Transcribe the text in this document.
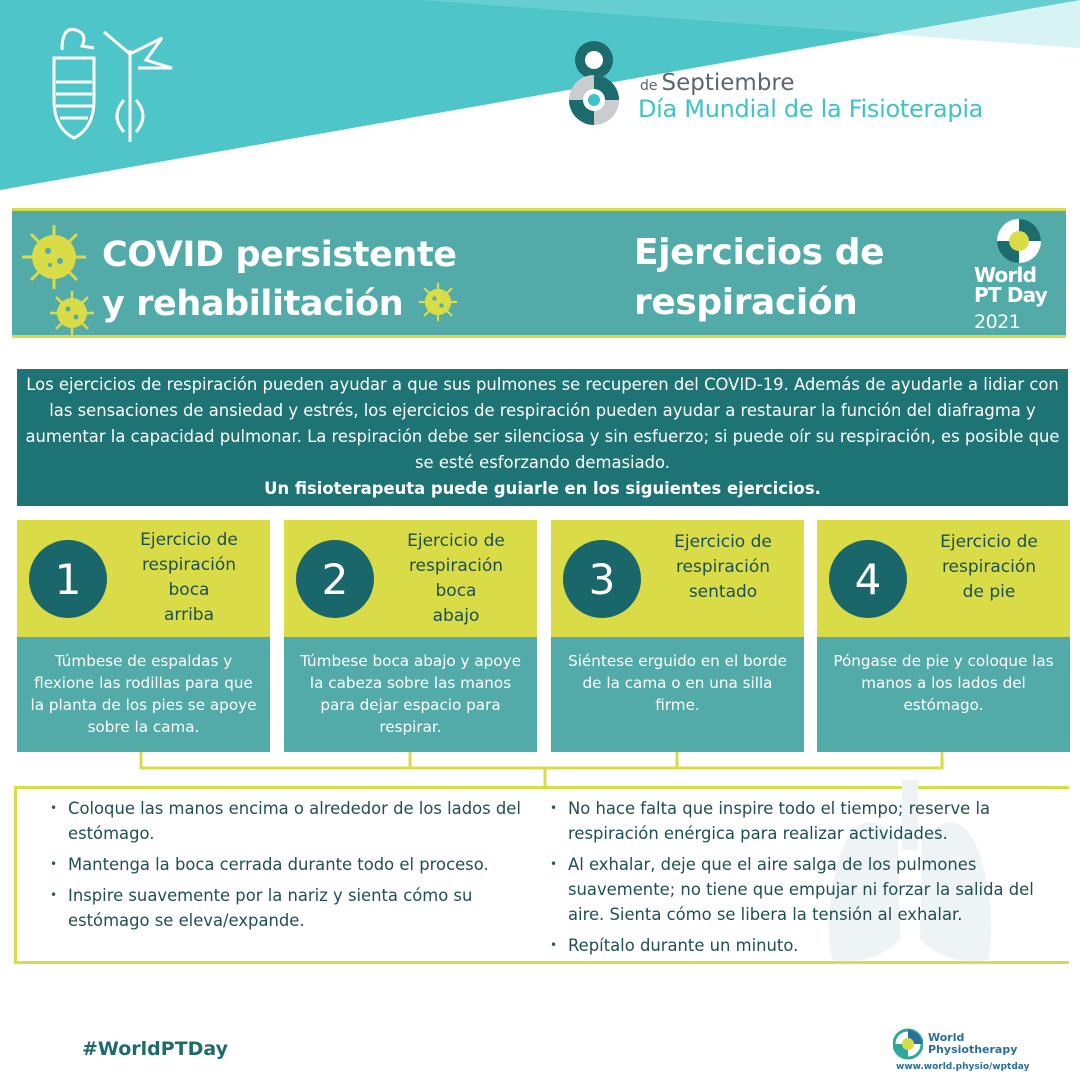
de Septiembre
Día Mundial de la Fisioterapia
COVID persistente
y rehabilitación
Ejercicios de
respiración
World
PT Day
2021
Los ejercicios de respiración pueden ayudar a que sus pulmones se recuperen del COVID-19. Además de ayudarle a lidiar con las sensaciones de ansiedad y estrés, los ejercicios de respiración pueden ayudar a restaurar la función del diafragma y aumentar la capacidad pulmonar. La respiración debe ser silenciosa y sin esfuerzo; si puede oír su respiración, es posible que se esté esforzando demasiado.
Un fisioterapeuta puede guiarle en los siguientes ejercicios.
1
Ejercicio de
respiración
boca
arriba
Túmbese de espaldas y flexione las rodillas para que la planta de los pies se apoye sobre la cama.
2
Ejercicio de
respiración
boca
abajo
Túmbese boca abajo y apoye la cabeza sobre las manos para dejar espacio para respirar.
3
Ejercicio de
respiración
sentado
Siéntese erguido en el borde de la cama o en una silla firme.
4
Ejercicio de
respiración
de pie
Póngase de pie y coloque las manos a los lados del estómago.
• Coloque las manos encima o alrededor de los lados del estómago.
• Mantenga la boca cerrada durante todo el proceso.
• Inspire suavemente por la nariz y sienta cómo su estómago se eleva/expande.
• No hace falta que inspire todo el tiempo; reserve la respiración enérgica para realizar actividades.
• Al exhalar, deje que el aire salga de los pulmones suavemente; no tiene que empujar ni forzar la salida del aire. Sienta cómo se libera la tensión al exhalar.
• Repítalo durante un minuto.
#WorldPTDay
World
Physiotherapy
www.world.physio/wptday
